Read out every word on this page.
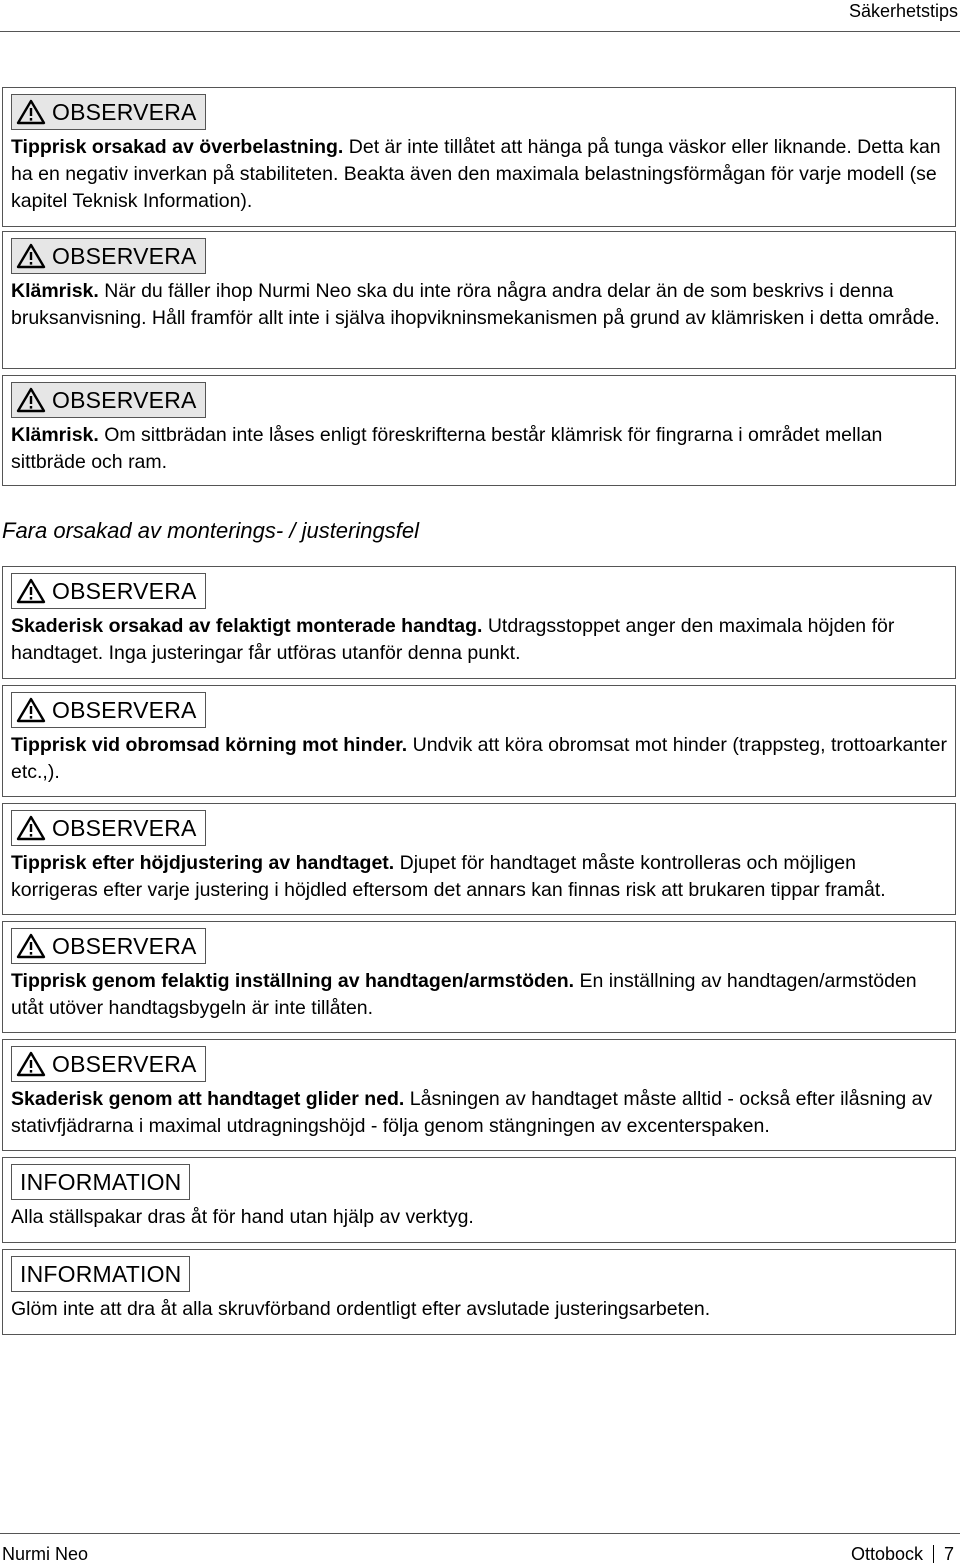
Säkerhetstips
OBSERVERA
Tipprisk orsakad av överbelastning. Det är inte tillåtet att hänga på tunga väskor eller liknande. Detta kan ha en negativ inverkan på stabiliteten. Beakta även den maximala belastningsförmågan för varje modell (se kapitel Teknisk Information).
OBSERVERA
Klämrisk. När du fäller ihop Nurmi Neo ska du inte röra några andra delar än de som beskrivs i denna bruksanvisning. Håll framför allt inte i själva ihopvikninsmekanismen på grund av klämrisken i detta område.
OBSERVERA
Klämrisk. Om sittbrädan inte låses enligt föreskrifterna består klämrisk för fingrarna i området mellan sittbräde och ram.
Fara orsakad av monterings- / justeringsfel
OBSERVERA
Skaderisk orsakad av felaktigt monterade handtag. Utdragsstoppet anger den maximala höjden för handtaget. Inga justeringar får utföras utanför denna punkt.
OBSERVERA
Tipprisk vid obromsad körning mot hinder. Undvik att köra obromsat mot hinder (trappsteg, trottoarkanter etc.,).
OBSERVERA
Tipprisk efter höjdjustering av handtaget. Djupet för handtaget måste kontrolleras och möjligen korrigeras efter varje justering i höjdled eftersom det annars kan finnas risk att brukaren tippar framåt.
OBSERVERA
Tipprisk genom felaktig inställning av handtagen/armstöden. En inställning av handtagen/armstöden utåt utöver handtagsbygeln är inte tillåten.
OBSERVERA
Skaderisk genom att handtaget glider ned. Låsningen av handtaget måste alltid - också efter ilåsning av stativfjädrarna i maximal utdragningshöjd - följa genom stängningen av excenterspaken.
INFORMATION
Alla ställspakar dras åt för hand utan hjälp av verktyg.
INFORMATION
Glöm inte att dra åt alla skruvförband ordentligt efter avslutade justeringsarbeten.
Nurmi Neo	Ottobock 7
